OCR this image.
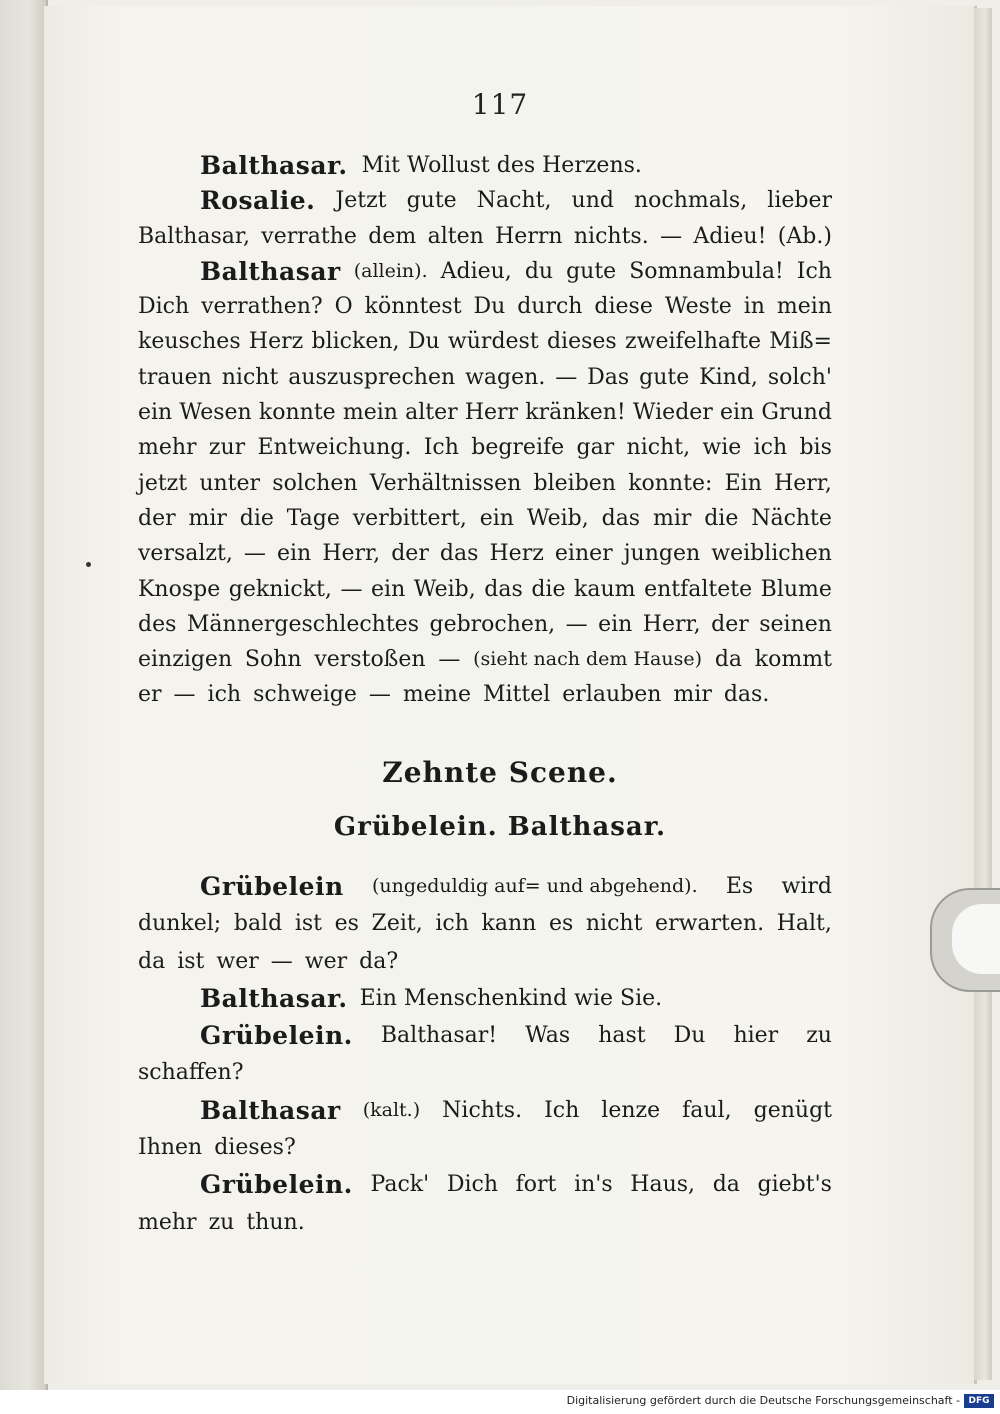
117
Balthasar. Mit Wollust des Herzens.
Rosalie. Jetzt gute Nacht, und nochmals, lieber
Balthasar, verrathe dem alten Herrn nichts. — Adieu! (Ab.)
Balthasar (allein). Adieu, du gute Somnambula! Ich
Dich verrathen? O könntest Du durch diese Weste in mein
keusches Herz blicken, Du würdest dieses zweifelhafte Miß=
trauen nicht auszusprechen wagen. — Das gute Kind, solch'
ein Wesen konnte mein alter Herr kränken! Wieder ein Grund
mehr zur Entweichung. Ich begreife gar nicht, wie ich bis
jetzt unter solchen Verhältnissen bleiben konnte: Ein Herr,
der mir die Tage verbittert, ein Weib, das mir die Nächte
versalzt, — ein Herr, der das Herz einer jungen weiblichen
Knospe geknickt, — ein Weib, das die kaum entfaltete Blume
des Männergeschlechtes gebrochen, — ein Herr, der seinen
einzigen Sohn verstoßen — (sieht nach dem Hause) da kommt
er — ich schweige — meine Mittel erlauben mir das.
Zehnte Scene.
Grübelein. Balthasar.
Grübelein (ungeduldig auf= und abgehend). Es wird
dunkel; bald ist es Zeit, ich kann es nicht erwarten. Halt,
da ist wer — wer da?
Balthasar. Ein Menschenkind wie Sie.
Grübelein. Balthasar! Was hast Du hier zu
schaffen?
Balthasar (kalt.) Nichts. Ich lenze faul, genügt
Ihnen dieses?
Grübelein. Pack' Dich fort in's Haus, da giebt's
mehr zu thun.
Digitalisierung gefördert durch die Deutsche Forschungsgemeinschaft - DFG
